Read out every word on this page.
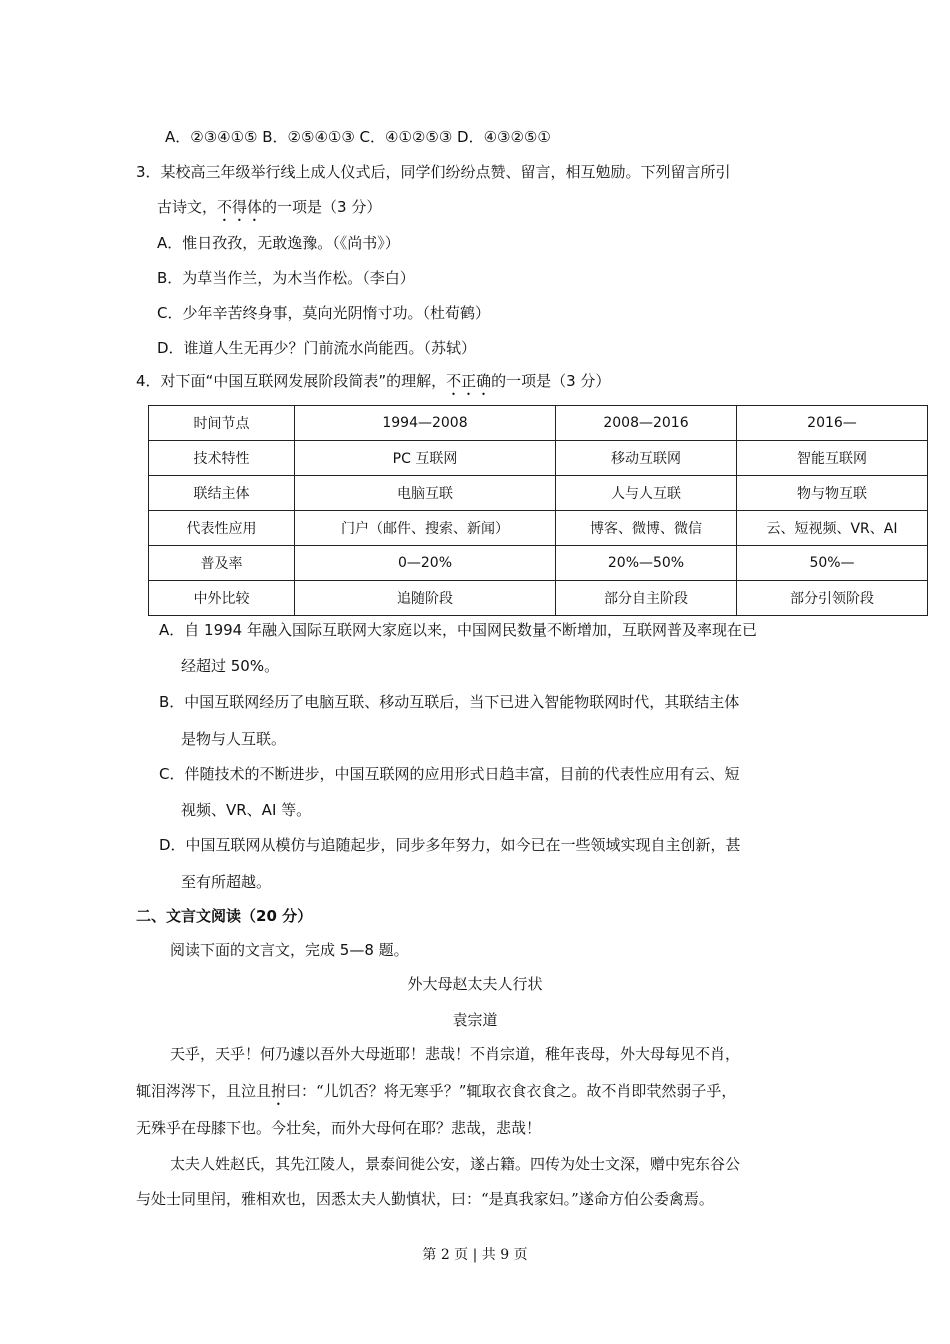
A．②③④①⑤ B．②⑤④①③ C．④①②⑤③ D．④③②⑤①
3．某校高三年级举行线上成人仪式后，同学们纷纷点赞、留言，相互勉励。下列留言所引
古诗文，不得体的一项是（3 分）
A．惟日孜孜，无敢逸豫。（《尚书》）
B．为草当作兰，为木当作松。（李白）
C．少年辛苦终身事，莫向光阴惰寸功。（杜荀鹤）
D．谁道人生无再少？门前流水尚能西。（苏轼）
4．对下面“中国互联网发展阶段简表”的理解，不正确的一项是（3 分）
时间节点	1994—2008	2008—2016	2016—
技术特性	PC 互联网	移动互联网	智能互联网
联结主体	电脑互联	人与人互联	物与物互联
代表性应用	门户（邮件、搜索、新闻）	博客、微博、微信	云、短视频、VR、AI
普及率	0—20%	20%—50%	50%—
中外比较	追随阶段	部分自主阶段	部分引领阶段
A．自 1994 年融入国际互联网大家庭以来，中国网民数量不断增加，互联网普及率现在已
经超过 50%。
B．中国互联网经历了电脑互联、移动互联后，当下已进入智能物联网时代，其联结主体
是物与人互联。
C．伴随技术的不断进步，中国互联网的应用形式日趋丰富，目前的代表性应用有云、短
视频、VR、AI 等。
D．中国互联网从模仿与追随起步，同步多年努力，如今已在一些领域实现自主创新，甚
至有所超越。
二、文言文阅读（20 分）
阅读下面的文言文，完成 5—8 题。
外大母赵太夫人行状
袁宗道
天乎，天乎！何乃遽以吾外大母逝耶！悲哉！不肖宗道，稚年丧母，外大母每见不肖，
辄泪涔涔下，且泣且拊曰：“儿饥否？将无寒乎？”辄取衣食衣食之。故不肖即茕然弱子乎，
无殊乎在母膝下也。今壮矣，而外大母何在耶？悲哉，悲哉！
太夫人姓赵氏，其先江陵人，景泰间徙公安，遂占籍。四传为处士文深，赠中宪东谷公
与处士同里闬，雅相欢也，因悉太夫人勤慎状，曰：“是真我家妇。”遂命方伯公委禽焉。
第 2 页 | 共 9 页
